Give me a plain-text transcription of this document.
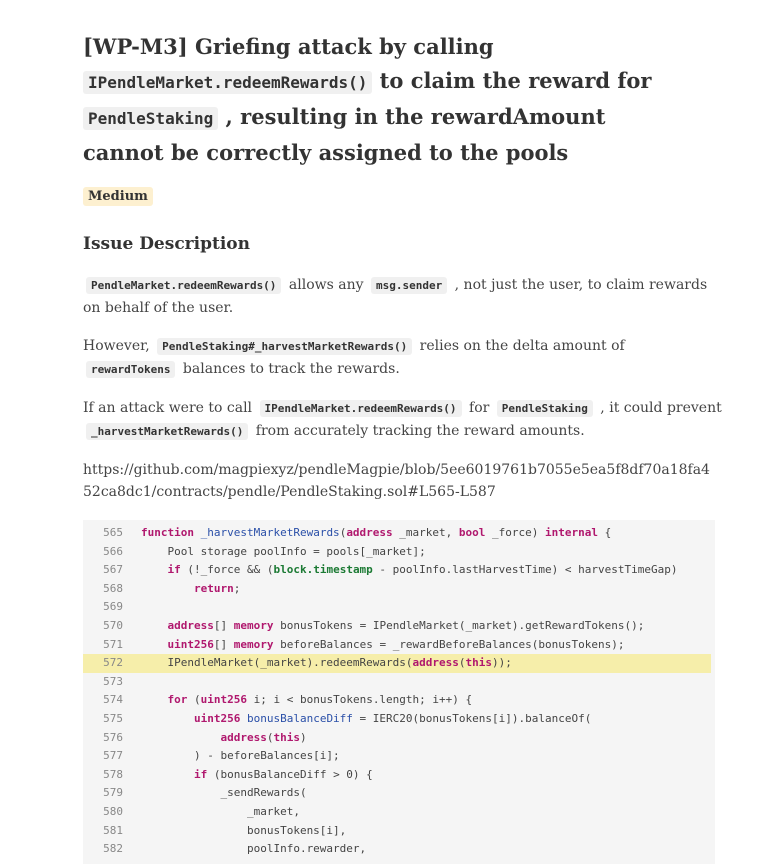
[WP-M3] Griefing attack by calling IPendleMarket.redeemRewards() to claim the reward for
PendleStaking , resulting in the rewardAmount cannot be correctly assigned to the pools
Medium
Issue Description

PendleMarket.redeemRewards() allows any msg.sender , not just the user, to claim rewards on behalf of the user.

However, PendleStaking#_harvestMarketRewards() relies on the delta amount of rewardTokens balances to track the rewards.

If an attack were to call IPendleMarket.redeemRewards() for PendleStaking , it could prevent _harvestMarketRewards() from accurately tracking the reward amounts.

https://github.com/magpiexyz/pendleMagpie/blob/5ee6019761b7055e5ea5f8df70a18fa452ca8dc1/contracts/pendle/PendleStaking.sol#L565-L587

565	function _harvestMarketRewards(address _market, bool _force) internal {
566	Pool storage poolInfo = pools[_market];
567	if (!_force && (block.timestamp - poolInfo.lastHarvestTime) < harvestTimeGap)
568	return;
569
570	address[] memory bonusTokens = IPendleMarket(_market).getRewardTokens();
571	uint256[] memory beforeBalances = _rewardBeforeBalances(bonusTokens);
572	IPendleMarket(_market).redeemRewards(address(this));
573
574	for (uint256 i; i < bonusTokens.length; i++) {
575	uint256 bonusBalanceDiff = IERC20(bonusTokens[i]).balanceOf(
576	address(this)
577	) - beforeBalances[i];
578	if (bonusBalanceDiff > 0) {
579	_sendRewards(
580	_market,
581	bonusTokens[i],
582	poolInfo.rewarder,
